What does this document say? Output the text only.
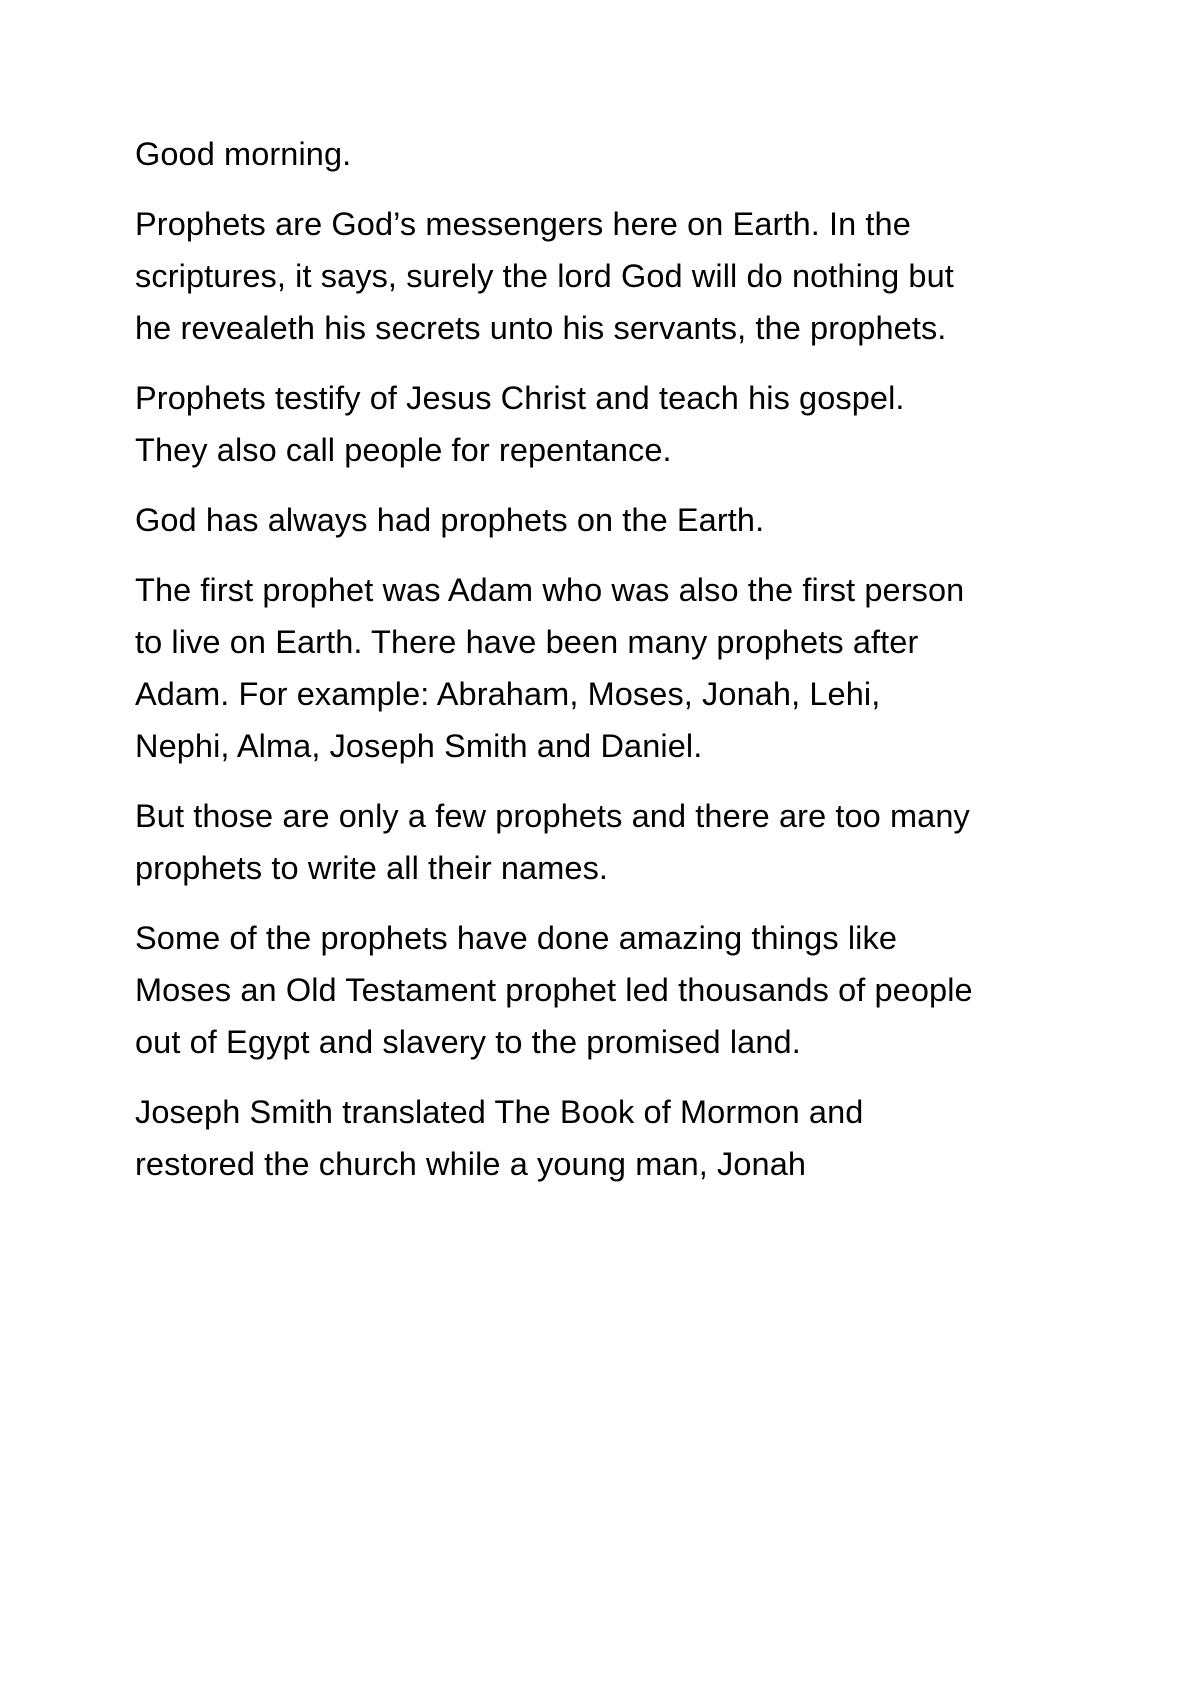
Good morning.

Prophets are God’s messengers here on Earth. In the scriptures, it says, surely the lord God will do nothing but he revealeth his secrets unto his servants, the prophets.

Prophets testify of Jesus Christ and teach his gospel. They also call people for repentance.

God has always had prophets on the Earth.

The first prophet was Adam who was also the first person to live on Earth. There have been many prophets after Adam. For example: Abraham, Moses, Jonah, Lehi, Nephi, Alma, Joseph Smith and Daniel.

But those are only a few prophets and there are too many prophets to write all their names.

Some of the prophets have done amazing things like Moses an Old Testament prophet led thousands of people out of Egypt and slavery to the promised land.

Joseph Smith translated The Book of Mormon and restored the church while a young man, Jonah
